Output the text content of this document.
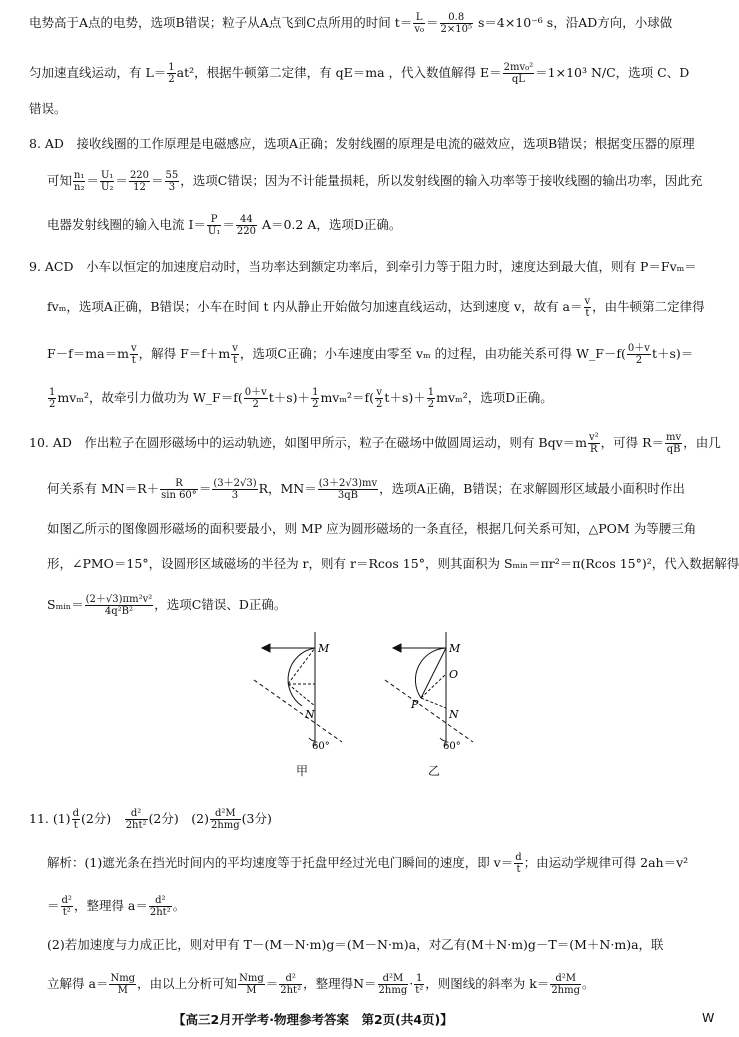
电势高于A点的电势，选项B错误；粒子从A点飞到C点所用的时间 $t= \frac{L}{\text{v₀}} = \frac{0.8}{\text{2×10⁵}} s=4\times 10^{-6}$ s，沿AD方向，小球做
匀加速直线运动，有 $L= \frac{1}{2} at^2$，根据牛顿第二定律，有 qE＝ma ，代入数值解得 $E= \frac{\text{2mv₀²}}{qL} =1\times 10^3$ N/C，选项 C、D
错误。
8. AD　接收线圈的工作原理是电磁感应，选项A正确；发射线圈的原理是电流的磁效应，选项B错误；根据变压器的原理
可知 $\frac{\text{n₁}}{\text{n₂}} = \frac{\text{U₁}}{\text{U₂}} = \frac{220}{12} = \frac{55}{3}$ ，选项C错误；因为不计能量损耗，所以发射线圈的输入功率等于接收线圈的输出功率，因此充
电器发射线圈的输入电流 $I= \frac{P}{\text{U₁}} = \frac{44}{220} A=0.2$ A，选项D正确。
9. ACD　小车以恒定的加速度启动时，当功率达到额定功率后，到牵引力等于阻力时，速度达到最大值，则有 P＝Fvₘ＝
fvₘ，选项A正确，B错误；小车在时间 t 内从静止开始做匀加速直线运动，达到速度 v，故有 $a= \frac{v}{t}$ ，由牛顿第二定律得
$F-f=ma=m \frac{v}{t}$ ，解得 $F=f+m \frac{v}{t}$ ，选项C正确；小车速度由零至 vₘ 的过程，由功能关系可得 W_F－f( $\frac{0+v}{2} t+s)=$
$\frac{1}{2} mv_m^2$，故牵引力做功为 W_F＝f( $\frac{0+v}{2} t+s)+ \frac{1}{2} mv_m^2=f( \frac{v}{2} t+s)+ \frac{1}{2} mv_m^2$，选项D正确。
10. AD　作出粒子在圆形磁场中的运动轨迹，如图甲所示，粒子在磁场中做圆周运动，则有 $Bqv=m \frac{\text{v²}}{R}$ ，可得 $R= \frac{mv}{qB}$ ，由几
何关系有 $MN=R+ \frac{R}{\sin 60^\circ} = \frac{(3+2√3)}{3}$ R，$MN= \frac{(3+2√3)mv}{3qB}$ ，选项A正确，B错误；在求解圆形区域最小面积时作出
如图乙所示的图像圆形磁场的面积要最小，则 MP 应为圆形磁场的一条直径，根据几何关系可知，△POM 为等腰三角
形，∠PMO＝15°，设圆形区域磁场的半径为 r，则有 r＝Rcos 15°，则其面积为 Sₘᵢₙ＝πr²＝π(Rcos 15°)²，代入数据解得
Sₘᵢₙ＝ $\frac{\text{(2＋√3)πm²v²}}{\text{4q²B²}}$ ，选项C错误、D正确。
M
N
60°
甲
M
O
P
N
60°
乙
11. $(1) \frac{d}{t} (2$分)　 $\frac{\text{d²}}{\text{2ht²}} (2$分)　$(2) \frac{\text{d²M}}{\text{2hmg}} (3$分)
解析：(1)遮光条在挡光时间内的平均速度等于托盘甲经过光电门瞬间的速度，即 $v= \frac{d}{t}$ ；由运动学规律可得 2ah＝v²
＝ $\frac{\text{d²}}{\text{t²}}$ ，整理得 $a= \frac{\text{d²}}{\text{2ht²}}$ 。
(2)若加速度与力成正比，则对甲有 T－(M－N·m)g＝(M－N·m)a，对乙有(M＋N·m)g－T＝(M＋N·m)a，联
立解得 $a= \frac{\text{Nmg}}{M}$ ，由以上分析可知 $\frac{\text{Nmg}}{M} = \frac{\text{d²}}{\text{2ht²}}$ ，整理得$N= \frac{\text{d²M}}{\text{2hmg}} \cdot \frac{1}{\text{t²}}$ ，则图线的斜率为 $k= \frac{\text{d²M}}{\text{2hmg}}$ 。
【高三2月开学考·物理参考答案　第2页(共4页)】	W
